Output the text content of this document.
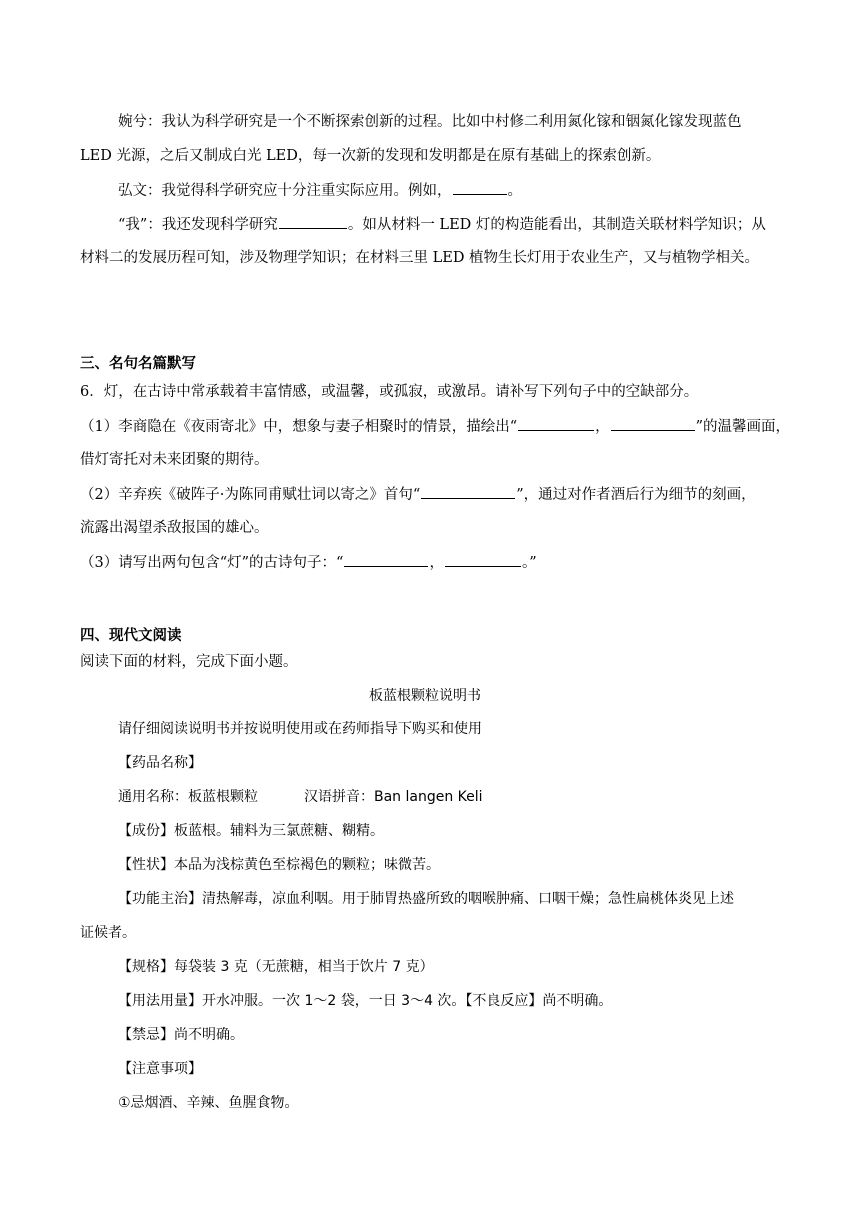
婉兮：我认为科学研究是一个不断探索创新的过程。比如中村修二利用氮化镓和铟氮化镓发现蓝色
LED 光源，之后又制成白光 LED，每一次新的发现和发明都是在原有基础上的探索创新。
弘文：我觉得科学研究应十分注重实际应用。例如，	。
“我”：我还发现科学研究	。如从材料一 LED 灯的构造能看出，其制造关联材料学知识；从
材料二的发展历程可知，涉及物理学知识；在材料三里 LED 植物生长灯用于农业生产，又与植物学相关。
三、名句名篇默写
6．灯，在古诗中常承载着丰富情感，或温馨，或孤寂，或激昂。请补写下列句子中的空缺部分。
（1）李商隐在《夜雨寄北》中，想象与妻子相聚时的情景，描绘出“	，	”的温馨画面，
借灯寄托对未来团聚的期待。
（2）辛弃疾《破阵子·为陈同甫赋壮词以寄之》首句“	”，通过对作者酒后行为细节的刻画，
流露出渴望杀敌报国的雄心。
（3）请写出两句包含“灯”的古诗句子：“	，	。”
四、现代文阅读
阅读下面的材料，完成下面小题。
板蓝根颗粒说明书
请仔细阅读说明书并按说明使用或在药师指导下购买和使用
【药品名称】
通用名称：板蓝根颗粒	汉语拼音：Ban langen Keli
【成份】板蓝根。辅料为三氯蔗糖、糊精。
【性状】本品为浅棕黄色至棕褐色的颗粒；味微苦。
【功能主治】清热解毒，凉血利咽。用于肺胃热盛所致的咽喉肿痛、口咽干燥；急性扁桃体炎见上述
证候者。
【规格】每袋装 3 克（无蔗糖，相当于饮片 7 克）
【用法用量】开水冲服。一次 1～2 袋，一日 3～4 次。【不良反应】尚不明确。
【禁忌】尚不明确。
【注意事项】
①忌烟酒、辛辣、鱼腥食物。
